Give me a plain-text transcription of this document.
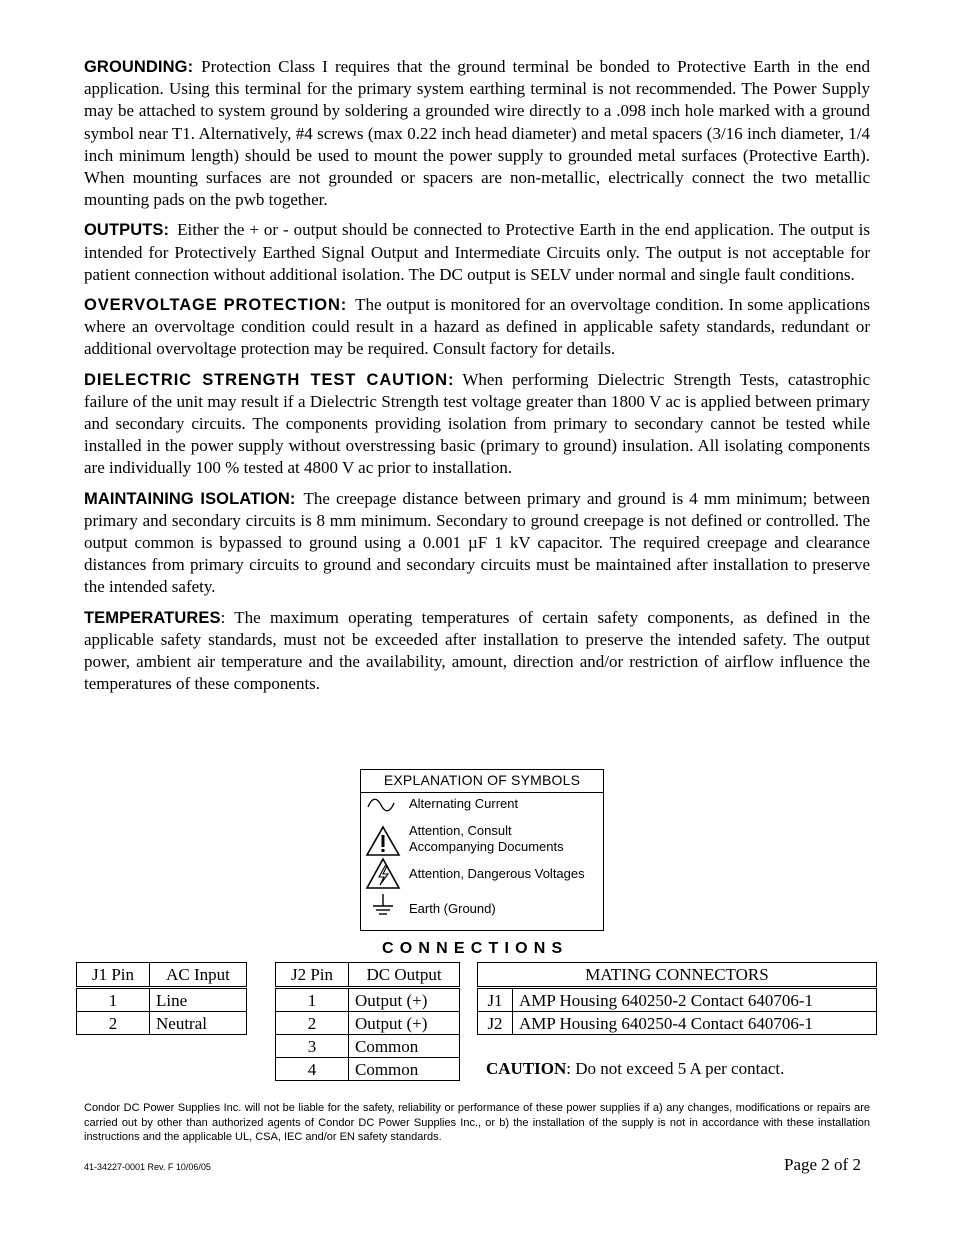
GROUNDING: Protection Class I requires that the ground terminal be bonded to Protective Earth in the end application. Using this terminal for the primary system earthing terminal is not recommended. The Power Supply may be attached to system ground by soldering a grounded wire directly to a .098 inch hole marked with a ground symbol near T1. Alternatively, #4 screws (max 0.22 inch head diameter) and metal spacers (3/16 inch diameter, 1/4 inch minimum length) should be used to mount the power supply to grounded metal surfaces (Protective Earth). When mounting surfaces are not grounded or spacers are non-metallic, electrically connect the two metallic mounting pads on the pwb together.

OUTPUTS: Either the + or - output should be connected to Protective Earth in the end application. The output is intended for Protectively Earthed Signal Output and Intermediate Circuits only. The output is not acceptable for patient connection without additional isolation. The DC output is SELV under normal and single fault conditions.

OVERVOLTAGE PROTECTION: The output is monitored for an overvoltage condition. In some applications where an overvoltage condition could result in a hazard as defined in applicable safety standards, redundant or additional overvoltage protection may be required. Consult factory for details.

DIELECTRIC STRENGTH TEST CAUTION: When performing Dielectric Strength Tests, catastrophic failure of the unit may result if a Dielectric Strength test voltage greater than 1800 V ac is applied between primary and secondary circuits. The components providing isolation from primary to secondary cannot be tested while installed in the power supply without overstressing basic (primary to ground) insulation. All isolating components are individually 100 % tested at 4800 V ac prior to installation.

MAINTAINING ISOLATION: The creepage distance between primary and ground is 4 mm minimum; between primary and secondary circuits is 8 mm minimum. Secondary to ground creepage is not defined or controlled. The output common is bypassed to ground using a 0.001 µF 1 kV capacitor. The required creepage and clearance distances from primary circuits to ground and secondary circuits must be maintained after installation to preserve the intended safety.

TEMPERATURES: The maximum operating temperatures of certain safety components, as defined in the applicable safety standards, must not be exceeded after installation to preserve the intended safety. The output power, ambient air temperature and the availability, amount, direction and/or restriction of airflow influence the temperatures of these components.

EXPLANATION OF SYMBOLS
Alternating Current
Attention, Consult
Accompanying Documents
Attention, Dangerous Voltages
Earth (Ground)
CONNECTIONS
J1 Pin	AC Input
1	Line
2	Neutral
J2 Pin	DC Output
1	Output (+)
2	Output (+)
3	Common
4	Common
MATING CONNECTORS	
J1	AMP Housing 640250-2 Contact 640706-1
J2	AMP Housing 640250-4 Contact 640706-1
CAUTION: Do not exceed 5 A per contact.
Condor DC Power Supplies Inc. will not be liable for the safety, reliability or performance of these power supplies if a) any changes, modifications or repairs are carried out by other than authorized agents of Condor DC Power Supplies Inc., or b) the installation of the supply is not in accordance with these installation instructions and the applicable UL, CSA, IEC and/or EN safety standards.
41-34227-0001 Rev. F 10/06/05	Page 2 of 2
